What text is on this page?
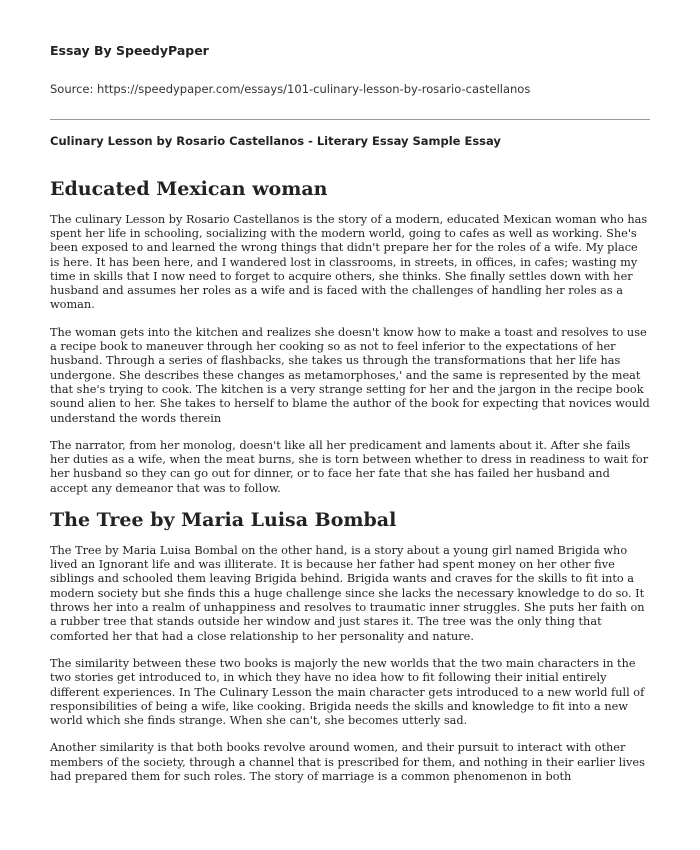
Essay By SpeedyPaper

Source: https://speedypaper.com/essays/101-culinary-lesson-by-rosario-castellanos

Culinary Lesson by Rosario Castellanos - Literary Essay Sample Essay

Educated Mexican woman

The culinary Lesson by Rosario Castellanos is the story of a modern, educated Mexican woman who has spent her life in schooling, socializing with the modern world, going to cafes as well as working. She's been exposed to and learned the wrong things that didn't prepare her for the roles of a wife. My place is here. It has been here, and I wandered lost in classrooms, in streets, in offices, in cafes; wasting my time in skills that I now need to forget to acquire others, she thinks. She finally settles down with her husband and assumes her roles as a wife and is faced with the challenges of handling her roles as a woman.

The woman gets into the kitchen and realizes she doesn't know how to make a toast and resolves to use a recipe book to maneuver through her cooking so as not to feel inferior to the expectations of her husband. Through a series of flashbacks, she takes us through the transformations that her life has undergone. She describes these changes as metamorphoses,' and the same is represented by the meat that she's trying to cook. The kitchen is a very strange setting for her and the jargon in the recipe book sound alien to her. She takes to herself to blame the author of the book for expecting that novices would understand the words therein

The narrator, from her monolog, doesn't like all her predicament and laments about it. After she fails her duties as a wife, when the meat burns, she is torn between whether to dress in readiness to wait for her husband so they can go out for dinner, or to face her fate that she has failed her husband and accept any demeanor that was to follow.

The Tree by Maria Luisa Bombal

The Tree by Maria Luisa Bombal on the other hand, is a story about a young girl named Brigida who lived an Ignorant life and was illiterate. It is because her father had spent money on her other five siblings and schooled them leaving Brigida behind. Brigida wants and craves for the skills to fit into a modern society but she finds this a huge challenge since she lacks the necessary knowledge to do so. It throws her into a realm of unhappiness and resolves to traumatic inner struggles. She puts her faith on a rubber tree that stands outside her window and just stares it. The tree was the only thing that comforted her that had a close relationship to her personality and nature.

The similarity between these two books is majorly the new worlds that the two main characters in the two stories get introduced to, in which they have no idea how to fit following their initial entirely different experiences. In The Culinary Lesson the main character gets introduced to a new world full of responsibilities of being a wife, like cooking. Brigida needs the skills and knowledge to fit into a new world which she finds strange. When she can't, she becomes utterly sad.

Another similarity is that both books revolve around women, and their pursuit to interact with other members of the society, through a channel that is prescribed for them, and nothing in their earlier lives had prepared them for such roles. The story of marriage is a common phenomenon in both
